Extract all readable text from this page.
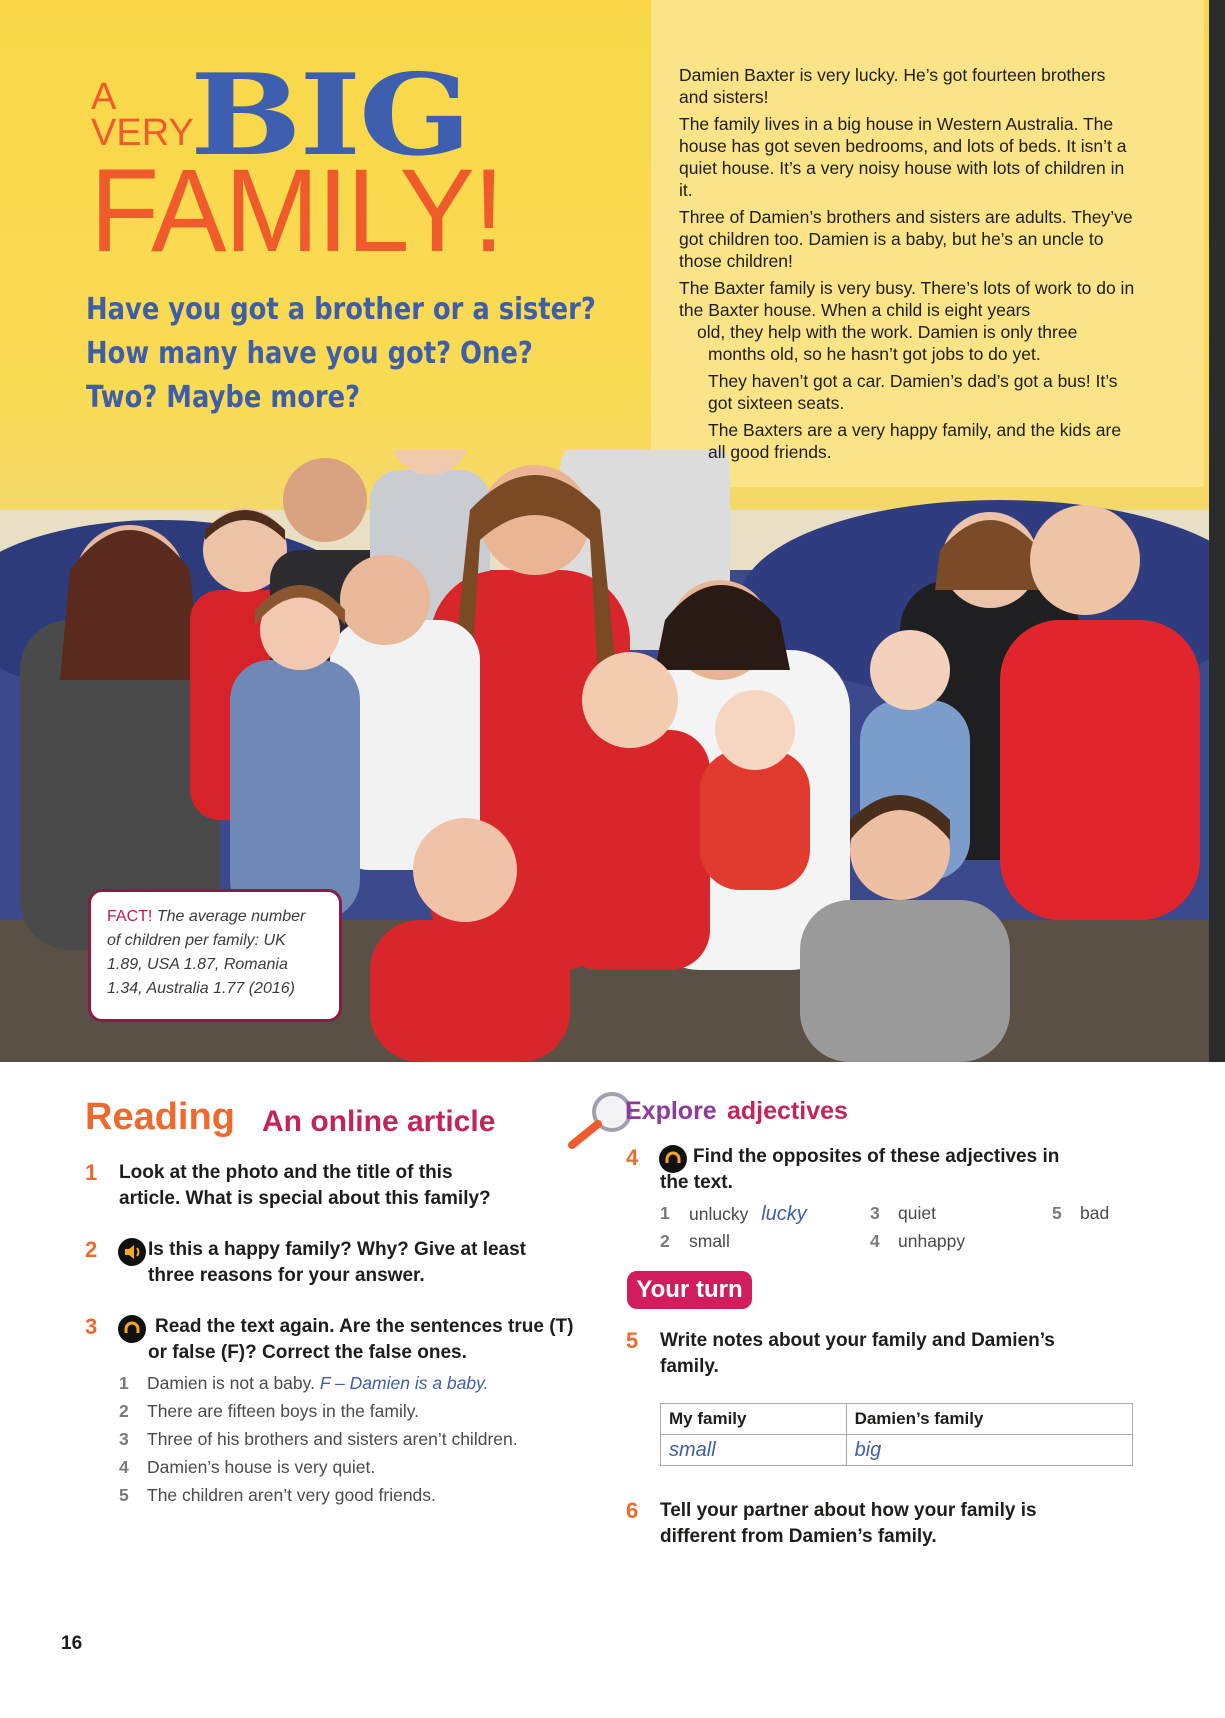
A
VERY
BIG
FAMILY!

Have you got a brother or a sister?

How many have you got? One?

Two? Maybe more?

Damien Baxter is very lucky. He’s got fourteen brothers and sisters!

The family lives in a big house in Western Australia. The house has got seven bedrooms, and lots of beds. It isn’t a quiet house. It’s a very noisy house with lots of children in it.

Three of Damien’s brothers and sisters are adults. They’ve got children too. Damien is a baby, but he’s an uncle to those children!

The Baxter family is very busy. There’s lots of work to do in the Baxter house. When a child is eight years

old, they help with the work. Damien is only three

months old, so he hasn’t got jobs to do yet.

They haven’t got a car. Damien’s dad’s got a bus! It’s got sixteen seats.

The Baxters are a very happy family, and the kids are all good friends.

FACT! The average number of children per family: UK 1.89, USA 1.87, Romania 1.34, Australia 1.77 (2016)
Reading An online article
1 Look at the photo and the title of this article. What is special about this family?
2	Is this a happy family? Why? Give at least three reasons for your answer.
3	Read the text again. Are the sentences true (T) or false (F)? Correct the false ones.
1 Damien is not a baby. F – Damien is a baby.
2 There are fifteen boys in the family.
3 Three of his brothers and sisters aren’t children.
4 Damien’s house is very quiet.
5 The children aren’t very good friends.
Explore adjectives
4	Find the opposites of these adjectives in the text.
1 unlucky lucky
2 small
3 quiet
4 unhappy
5 bad
Your turn
5 Write notes about your family and Damien’s family.
My family	Damien’s family
small	big
6 Tell your partner about how your family is different from Damien’s family.
16
